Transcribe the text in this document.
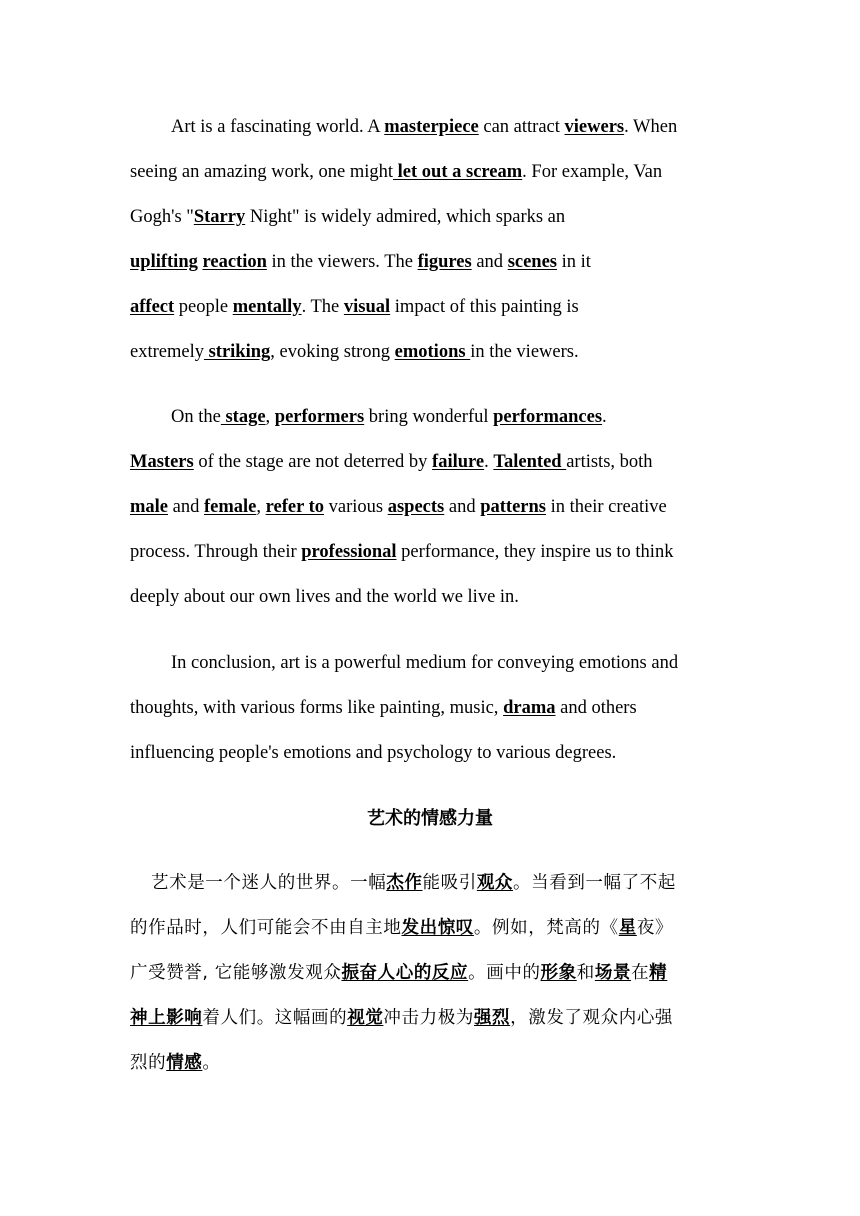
Art is a fascinating world. A masterpiece can attract viewers. When
seeing an amazing work, one might let out a scream. For example, Van
Gogh's "Starry Night" is widely admired, which sparks an
uplifting reaction in the viewers. The figures and scenes in it
affect people mentally. The visual impact of this painting is
extremely striking, evoking strong emotions in the viewers.
On the stage, performers bring wonderful performances.
Masters of the stage are not deterred by failure. Talented artists, both
male and female, refer to various aspects and patterns in their creative
process. Through their professional performance, they inspire us to think
deeply about our own lives and the world we live in.
In conclusion, art is a powerful medium for conveying emotions and
thoughts, with various forms like painting, music, drama and others
influencing people's emotions and psychology to various degrees.
艺术的情感力量
艺术是一个迷人的世界。一幅杰作能吸引观众。当看到一幅了不起
的作品时，人们可能会不由自主地发出惊叹。例如，梵高的《星夜》
广受赞誉, 它能够激发观众振奋人心的反应。画中的形象和场景在精
神上影响着人们。这幅画的视觉冲击力极为强烈，激发了观众内心强
烈的情感。
